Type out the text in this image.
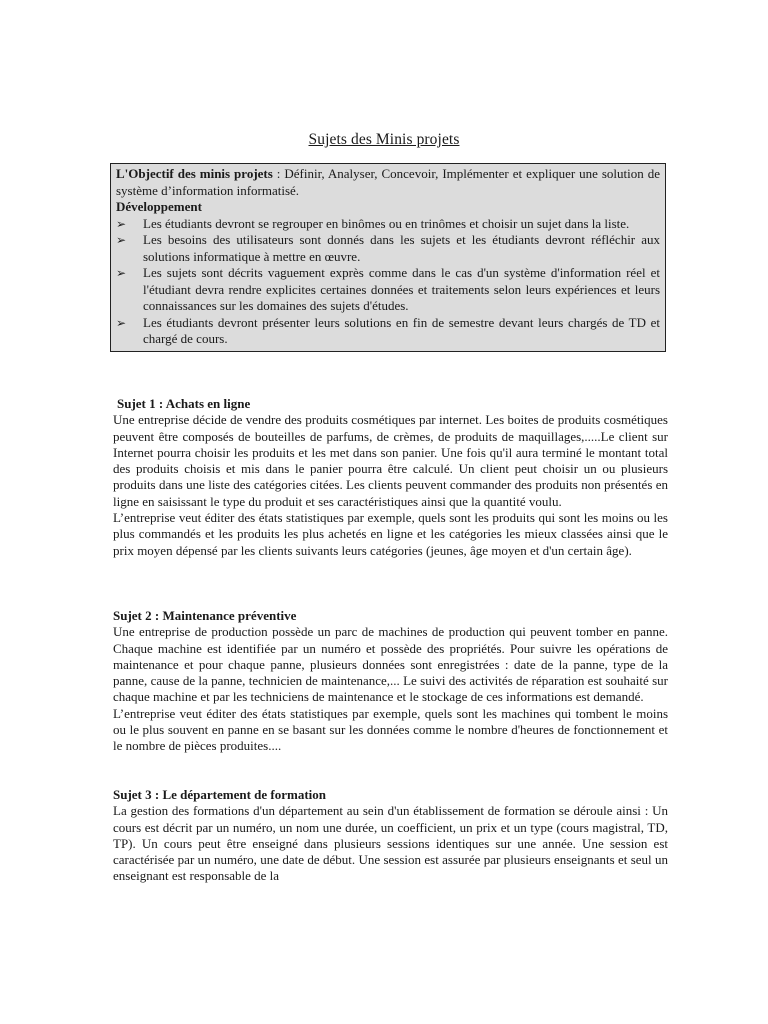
Sujets des Minis projets

L'Objectif des minis projets : Définir, Analyser, Concevoir, Implémenter et expliquer une solution de système d’information informatisé.

Développement

➢ Les étudiants devront se regrouper en binômes ou en trinômes et choisir un sujet dans la liste.
➢ Les besoins des utilisateurs sont donnés dans les sujets et les étudiants devront réfléchir aux solutions informatique à mettre en œuvre.
➢ Les sujets sont décrits vaguement exprès comme dans le cas d'un système d'information réel et l'étudiant devra rendre explicites certaines données et traitements selon leurs expériences et leurs connaissances sur les domaines des sujets d'études.
➢ Les étudiants devront présenter leurs solutions en fin de semestre devant leurs chargés de TD et chargé de cours.
Sujet 1 : Achats en ligne

Une entreprise décide de vendre des produits cosmétiques par internet. Les boites de produits cosmétiques peuvent être composés de bouteilles de parfums, de crèmes, de produits de maquillages,.....Le client sur Internet pourra choisir les produits et les met dans son panier. Une fois qu'il aura terminé le montant total des produits choisis et mis dans le panier pourra être calculé. Un client peut choisir un ou plusieurs produits dans une liste des catégories citées. Les clients peuvent commander des produits non présentés en ligne en saisissant le type du produit et ses caractéristiques ainsi que la quantité voulu.

L’entreprise veut éditer des états statistiques par exemple, quels sont les produits qui sont les moins ou les plus commandés et les produits les plus achetés en ligne et les catégories les mieux classées ainsi que le prix moyen dépensé par les clients suivants leurs catégories (jeunes, âge moyen et d'un certain âge).

Sujet 2 : Maintenance préventive

Une entreprise de production possède un parc de machines de production qui peuvent tomber en panne. Chaque machine est identifiée par un numéro et possède des propriétés. Pour suivre les opérations de maintenance et pour chaque panne, plusieurs données sont enregistrées : date de la panne, type de la panne, cause de la panne, technicien de maintenance,... Le suivi des activités de réparation est souhaité sur chaque machine et par les techniciens de maintenance et le stockage de ces informations est demandé.

L’entreprise veut éditer des états statistiques par exemple, quels sont les machines qui tombent le moins ou le plus souvent en panne en se basant sur les données comme le nombre d'heures de fonctionnement et le nombre de pièces produites....

Sujet 3 : Le département de formation

La gestion des formations d'un département au sein d'un établissement de formation se déroule ainsi : Un cours est décrit par un numéro, un nom une durée, un coefficient, un prix et un type (cours magistral, TD, TP). Un cours peut être enseigné dans plusieurs sessions identiques sur une année. Une session est caractérisée par un numéro, une date de début. Une session est assurée par plusieurs enseignants et seul un enseignant est responsable de la
